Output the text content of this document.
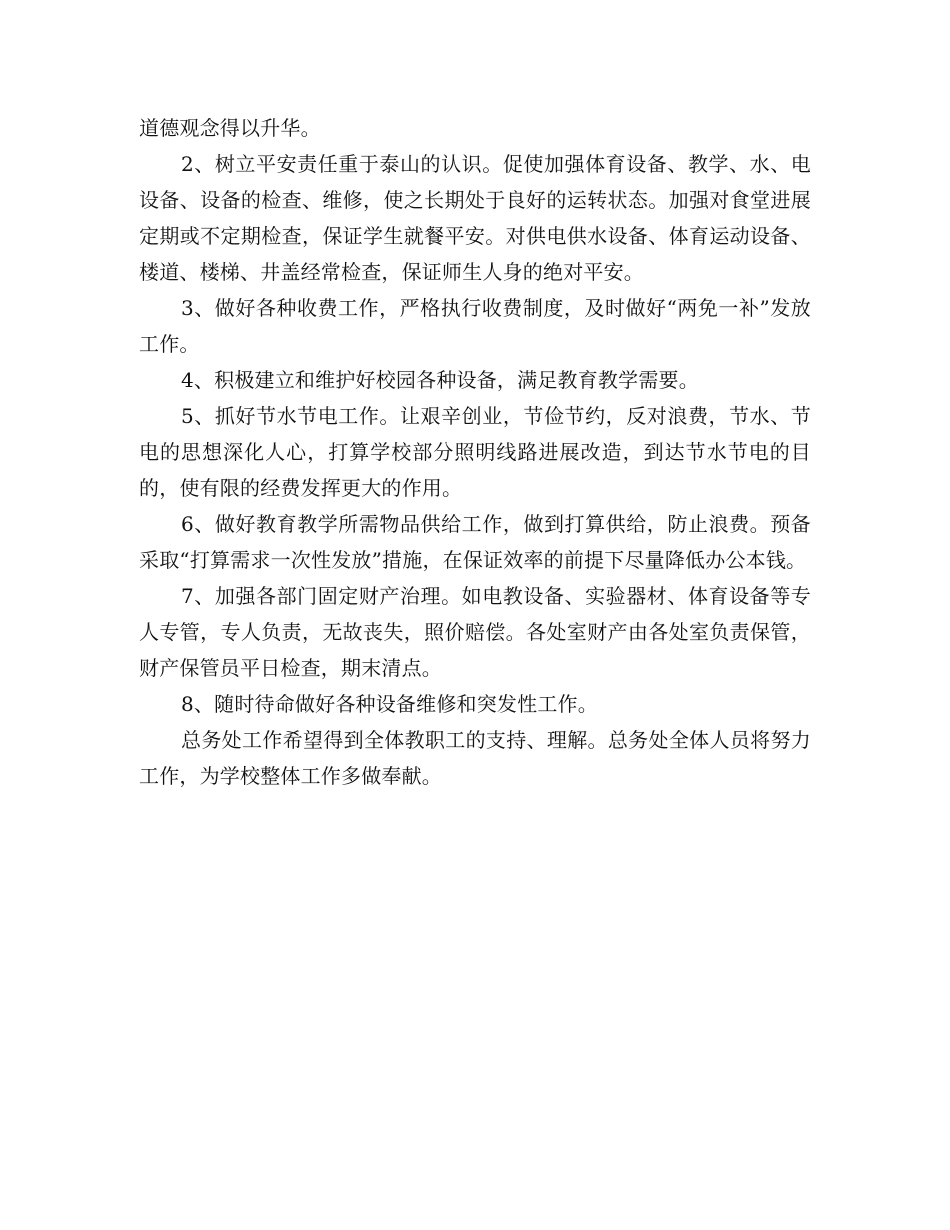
道德观念得以升华。

2、树立平安责任重于泰山的认识。促使加强体育设备、教学、水、电设备、设备的检查、维修，使之长期处于良好的运转状态。加强对食堂进展定期或不定期检查，保证学生就餐平安。对供电供水设备、体育运动设备、楼道、楼梯、井盖经常检查，保证师生人身的绝对平安。

3、做好各种收费工作，严格执行收费制度，及时做好“两免一补”发放工作。

4、积极建立和维护好校园各种设备，满足教育教学需要。

5、抓好节水节电工作。让艰辛创业，节俭节约，反对浪费，节水、节电的思想深化人心，打算学校部分照明线路进展改造，到达节水节电的目的，使有限的经费发挥更大的作用。

6、做好教育教学所需物品供给工作，做到打算供给，防止浪费。预备采取“打算需求一次性发放”措施，在保证效率的前提下尽量降低办公本钱。

7、加强各部门固定财产治理。如电教设备、实验器材、体育设备等专人专管，专人负责，无故丧失，照价赔偿。各处室财产由各处室负责保管，财产保管员平日检查，期末清点。

8、随时待命做好各种设备维修和突发性工作。

总务处工作希望得到全体教职工的支持、理解。总务处全体人员将努力工作，为学校整体工作多做奉献。
